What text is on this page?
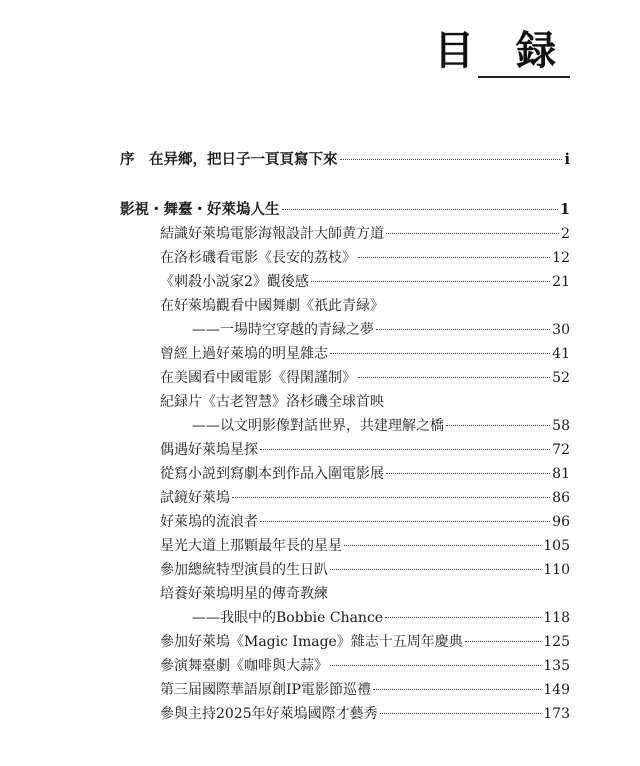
目 録
序　在异鄉，把日子一頁頁寫下來	i
影視・舞臺・好萊塢人生	1
結識好萊塢電影海報設計大師黄方道	2
在洛杉磯看電影《長安的荔枝》	12
《刺殺小説家2》觀後感	21
在好萊塢觀看中國舞劇《祇此青緑》
——一場時空穿越的青緑之夢	30
曾經上過好萊塢的明星雜志	41
在美國看中國電影《得閑謹制》	52
紀録片《古老智慧》洛杉磯全球首映
——以文明影像對話世界，共建理解之橋	58
偶遇好萊塢星探	72
從寫小説到寫劇本到作品入圍電影展	81
試鏡好萊塢	86
好萊塢的流浪者	96
星光大道上那顆最年長的星星	105
參加總統特型演員的生日趴	110
培養好萊塢明星的傳奇教練
——我眼中的Bobbie Chance	118
參加好萊塢《Magic Image》雜志十五周年慶典	125
參演舞臺劇《咖啡與大蒜》	135
第三届國際華語原創IP電影節巡禮	149
參與主持2025年好萊塢國際才藝秀	173
